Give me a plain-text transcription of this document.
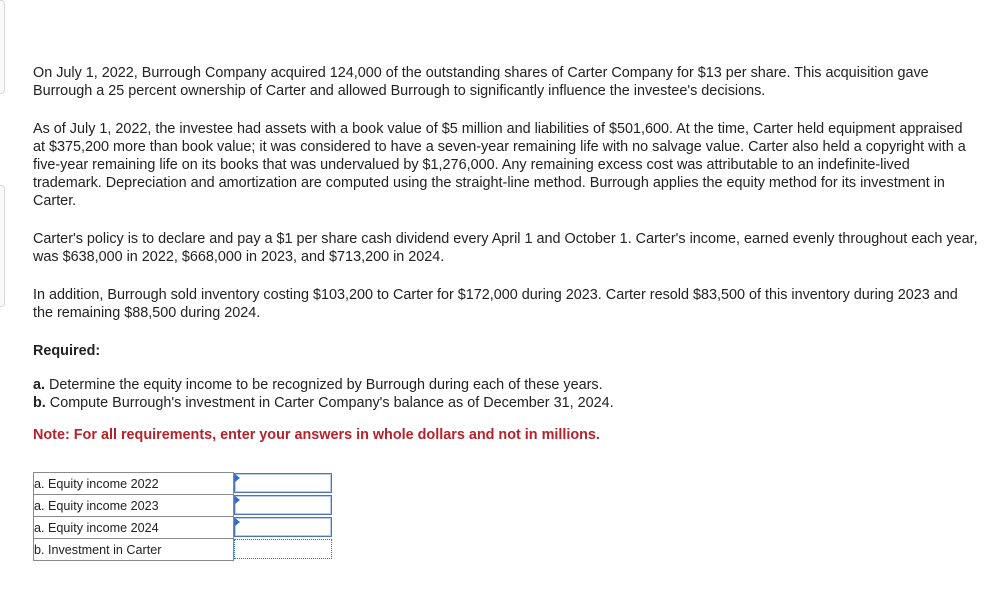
On July 1, 2022, Burrough Company acquired 124,000 of the outstanding shares of Carter Company for $13 per share. This acquisition gave Burrough a 25 percent ownership of Carter and allowed Burrough to significantly influence the investee's decisions.

As of July 1, 2022, the investee had assets with a book value of $5 million and liabilities of $501,600. At the time, Carter held equipment appraised at $375,200 more than book value; it was considered to have a seven-year remaining life with no salvage value. Carter also held a copyright with a five-year remaining life on its books that was undervalued by $1,276,000. Any remaining excess cost was attributable to an indefinite-lived trademark. Depreciation and amortization are computed using the straight-line method. Burrough applies the equity method for its investment in Carter.

Carter's policy is to declare and pay a $1 per share cash dividend every April 1 and October 1. Carter's income, earned evenly throughout each year, was $638,000 in 2022, $668,000 in 2023, and $713,200 in 2024.

In addition, Burrough sold inventory costing $103,200 to Carter for $172,000 during 2023. Carter resold $83,500 of this inventory during 2023 and the remaining $88,500 during 2024.

Required:

a. Determine the equity income to be recognized by Burrough during each of these years.

b. Compute Burrough's investment in Carter Company's balance as of December 31, 2024.

Note: For all requirements, enter your answers in whole dollars and not in millions.

a. Equity income 2022	

a. Equity income 2023	

a. Equity income 2024	

b. Investment in Carter	
